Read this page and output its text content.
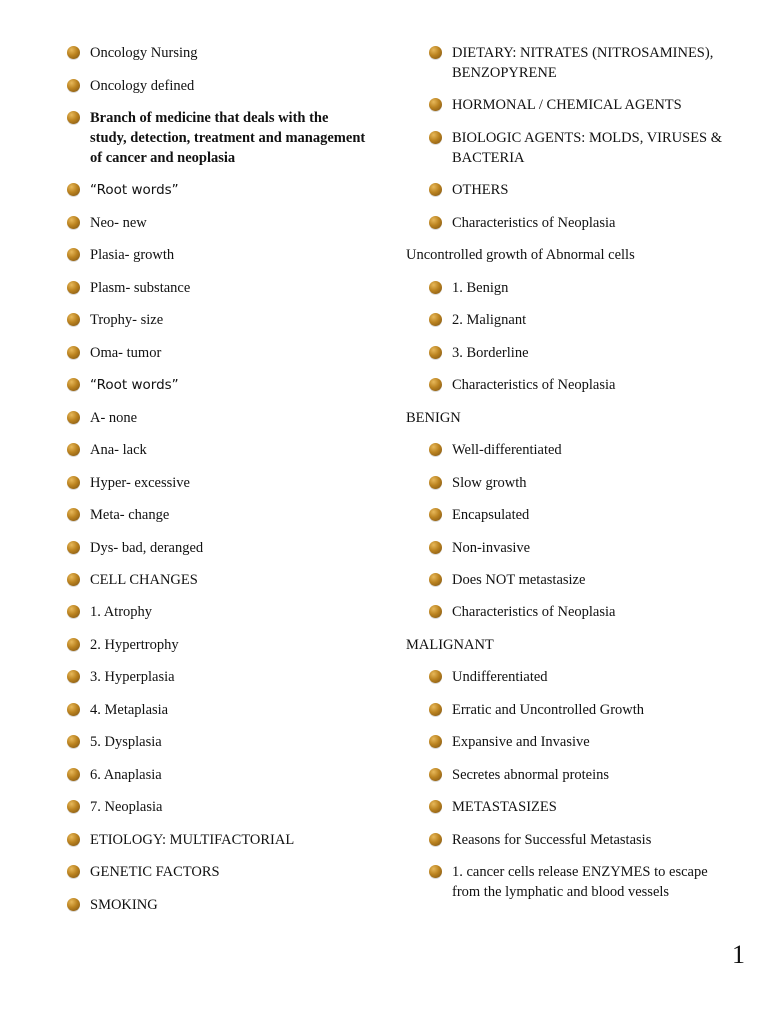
Oncology Nursing
Oncology defined
Branch of medicine that deals with the study, detection, treatment and management of cancer and neoplasia
“Root words”
Neo- new
Plasia- growth
Plasm- substance
Trophy- size
Oma- tumor
“Root words”
A- none
Ana- lack
Hyper- excessive
Meta- change
Dys- bad, deranged
CELL CHANGES
1. Atrophy
2. Hypertrophy
3. Hyperplasia
4. Metaplasia
5. Dysplasia
6. Anaplasia
7. Neoplasia
ETIOLOGY: MULTIFACTORIAL
GENETIC FACTORS
SMOKING
DIETARY: NITRATES (NITROSAMINES), BENZOPYRENE
HORMONAL / CHEMICAL AGENTS
BIOLOGIC AGENTS: MOLDS, VIRUSES & BACTERIA
OTHERS
Characteristics of Neoplasia
Uncontrolled growth of Abnormal cells
1. Benign
2. Malignant
3. Borderline
Characteristics of Neoplasia
BENIGN
Well-differentiated
Slow growth
Encapsulated
Non-invasive
Does NOT metastasize
Characteristics of Neoplasia
MALIGNANT
Undifferentiated
Erratic and Uncontrolled Growth
Expansive and Invasive
Secretes abnormal proteins
METASTASIZES
Reasons for Successful Metastasis
1. cancer cells release ENZYMES to escape from the lymphatic and blood vessels
1
